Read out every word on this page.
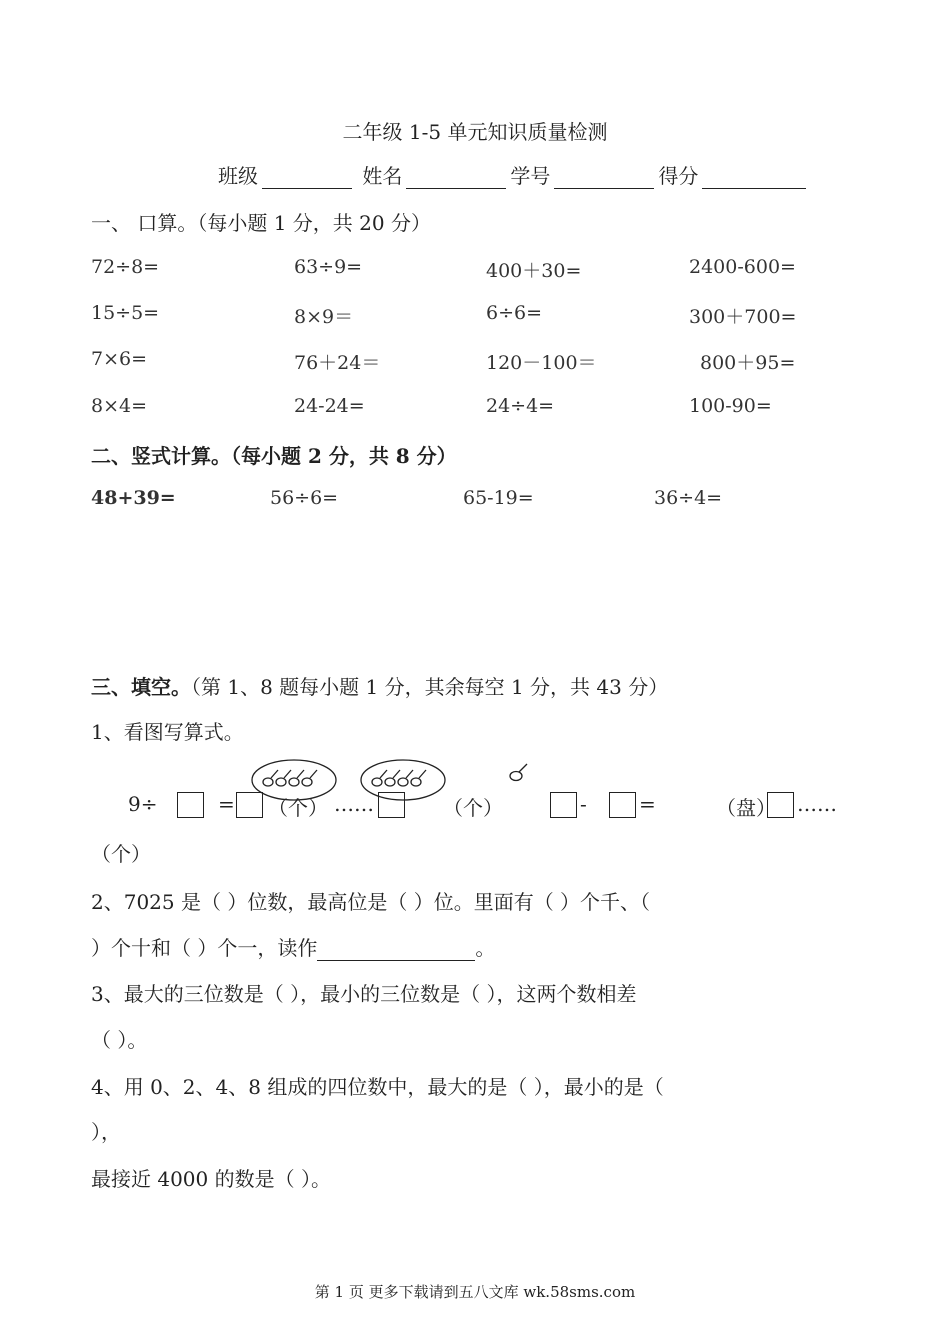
二年级 1-5 单元知识质量检测
班级	姓名	学号	得分
一、 口算。（每小题 1 分，共 20 分）
72÷8=	63÷9=	400＋30=	2400-600=
15÷5=	8×9＝	6÷6=	300＋700=
7×6=	76＋24＝	120－100＝	800＋95=
8×4=	24-24=	24÷4=	100-90=
二、竖式计算。（每小题 2 分，共 8 分）
48+39=	56÷6=	65-19=	36÷4=
三、填空。（第 1、8 题每小题 1 分，其余每空 1 分，共 43 分）
1、看图写算式。
9÷	= （个） ……	（个）	-	=	（盘） ……
（个）
2、7025 是（ ）位数，最高位是（ ）位。里面有（ ）个千、（
）个十和（ ）个一，读作	。
3、最大的三位数是（ ），最小的三位数是（ ），这两个数相差
（ ）。
4、用 0、2、4、8 组成的四位数中，最大的是（ ），最小的是（
），
最接近 4000 的数是（ ）。
第 1 页 更多下载请到五八文库 wk.58sms.com
